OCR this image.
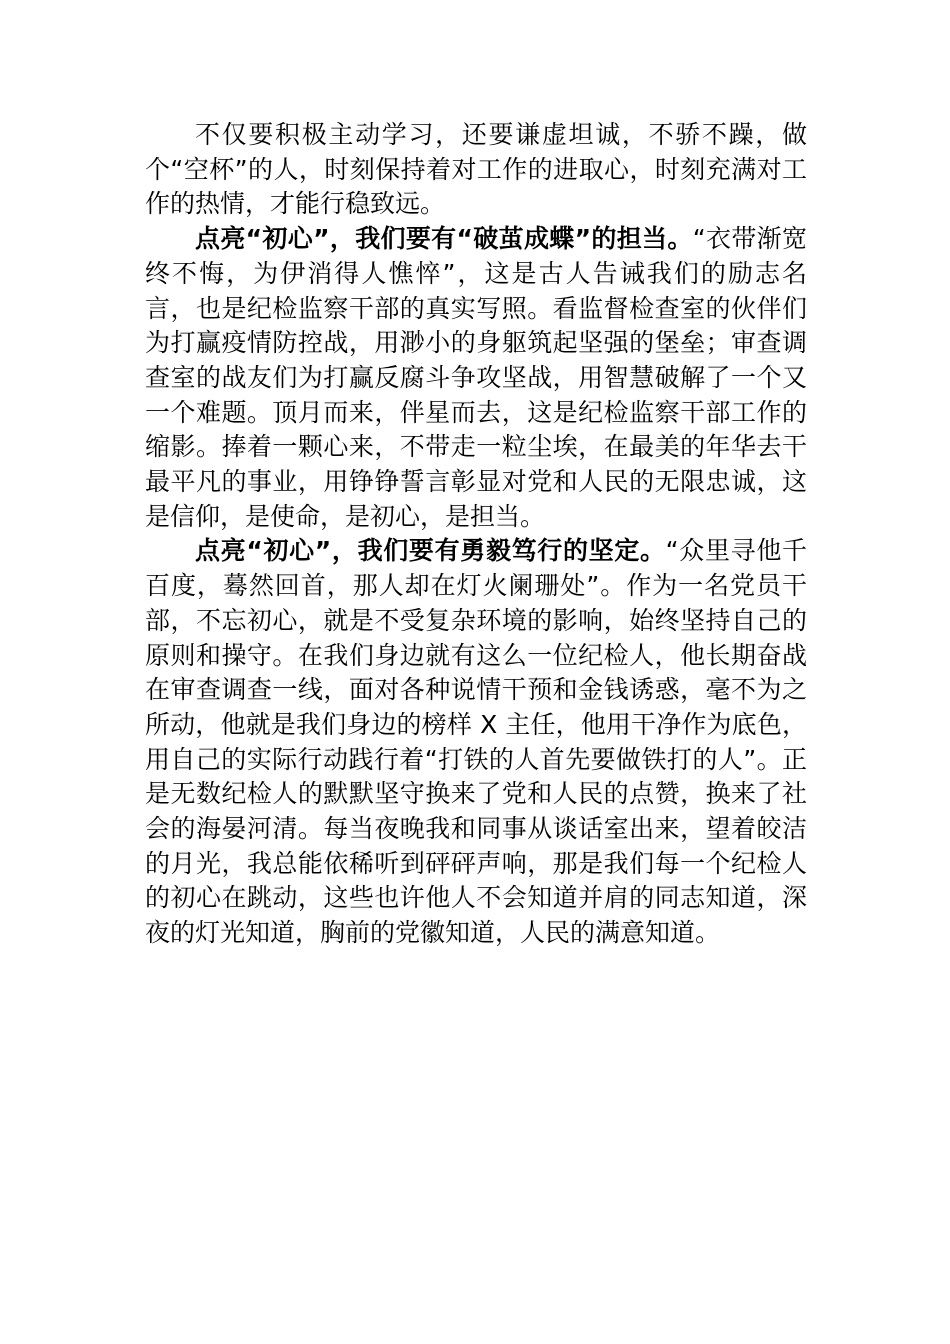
不仅要积极主动学习，还要谦虚坦诚，不骄不躁，做个“空杯”的人，时刻保持着对工作的进取心，时刻充满对工作的热情，才能行稳致远。

点亮“初心”，我们要有“破茧成蝶”的担当。“衣带渐宽终不悔，为伊消得人憔悴”，这是古人告诫我们的励志名言，也是纪检监察干部的真实写照。看监督检查室的伙伴们为打赢疫情防控战，用渺小的身躯筑起坚强的堡垒；审查调查室的战友们为打赢反腐斗争攻坚战，用智慧破解了一个又一个难题。顶月而来，伴星而去，这是纪检监察干部工作的缩影。捧着一颗心来，不带走一粒尘埃，在最美的年华去干最平凡的事业，用铮铮誓言彰显对党和人民的无限忠诚，这是信仰，是使命，是初心，是担当。

点亮“初心”，我们要有勇毅笃行的坚定。“众里寻他千百度，蓦然回首，那人却在灯火阑珊处”。作为一名党员干部，不忘初心，就是不受复杂环境的影响，始终坚持自己的原则和操守。在我们身边就有这么一位纪检人，他长期奋战在审查调查一线，面对各种说情干预和金钱诱惑，毫不为之所动，他就是我们身边的榜样 X 主任，他用干净作为底色，用自己的实际行动践行着“打铁的人首先要做铁打的人”。正是无数纪检人的默默坚守换来了党和人民的点赞，换来了社会的海晏河清。每当夜晚我和同事从谈话室出来，望着皎洁的月光，我总能依稀听到砰砰声响，那是我们每一个纪检人的初心在跳动，这些也许他人不会知道并肩的同志知道，深夜的灯光知道，胸前的党徽知道，人民的满意知道。
